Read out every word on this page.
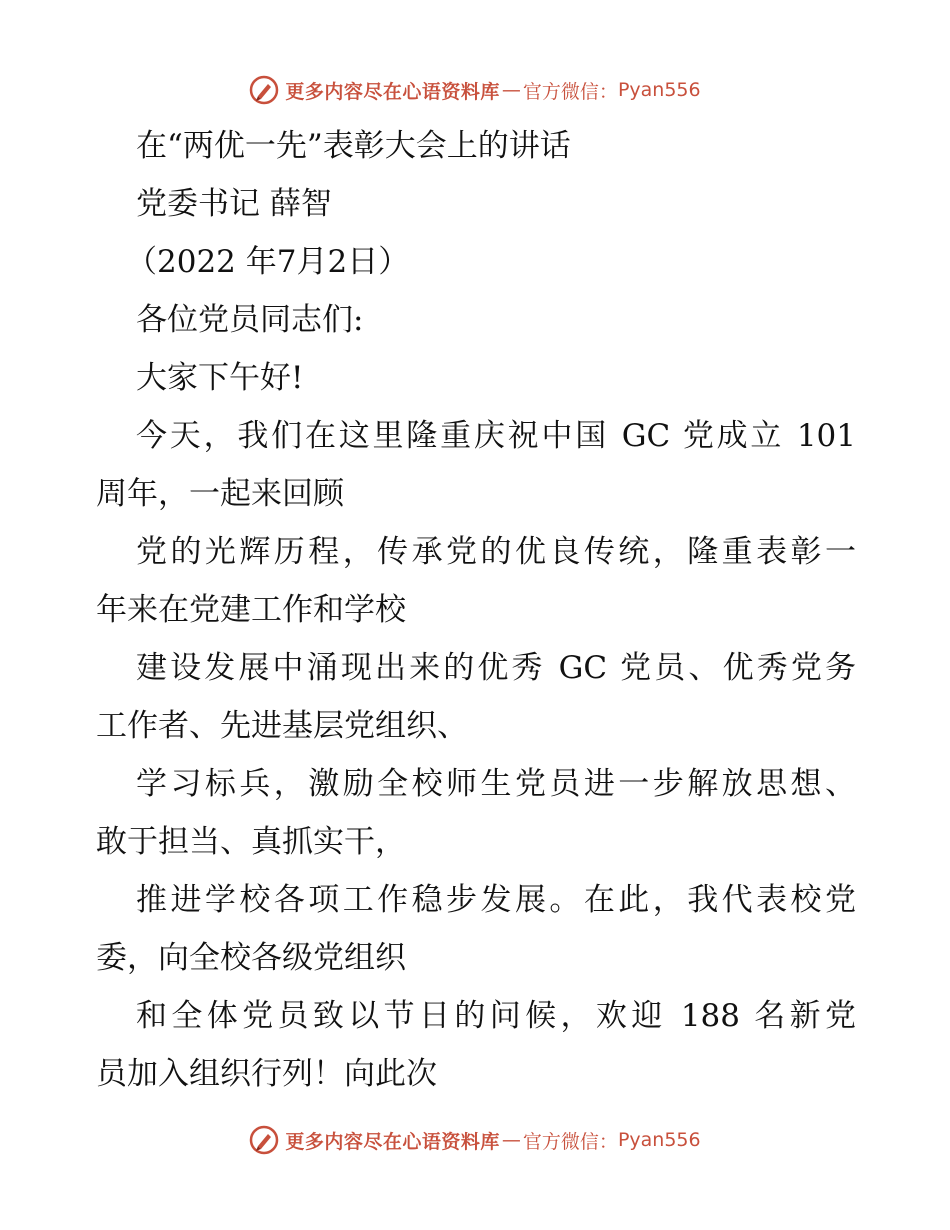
更多内容尽在心语资料库 — 官方微信： Pyan556

在“两优一先”表彰大会上的讲话

党委书记 薛智

（2022 年7月2日）

各位党员同志们:

大家下午好!

今天，我们在这里隆重庆祝中国 GC 党成立 101

周年，一起来回顾

党的光辉历程，传承党的优良传统，隆重表彰一

年来在党建工作和学校

建设发展中涌现出来的优秀 GC 党员、优秀党务

工作者、先进基层党组织、

学习标兵，激励全校师生党员进一步解放思想、

敢于担当、真抓实干，

推进学校各项工作稳步发展。在此，我代表校党

委，向全校各级党组织

和全体党员致以节日的问候，欢迎 188 名新党

员加入组织行列！向此次

更多内容尽在心语资料库 — 官方微信： Pyan556
